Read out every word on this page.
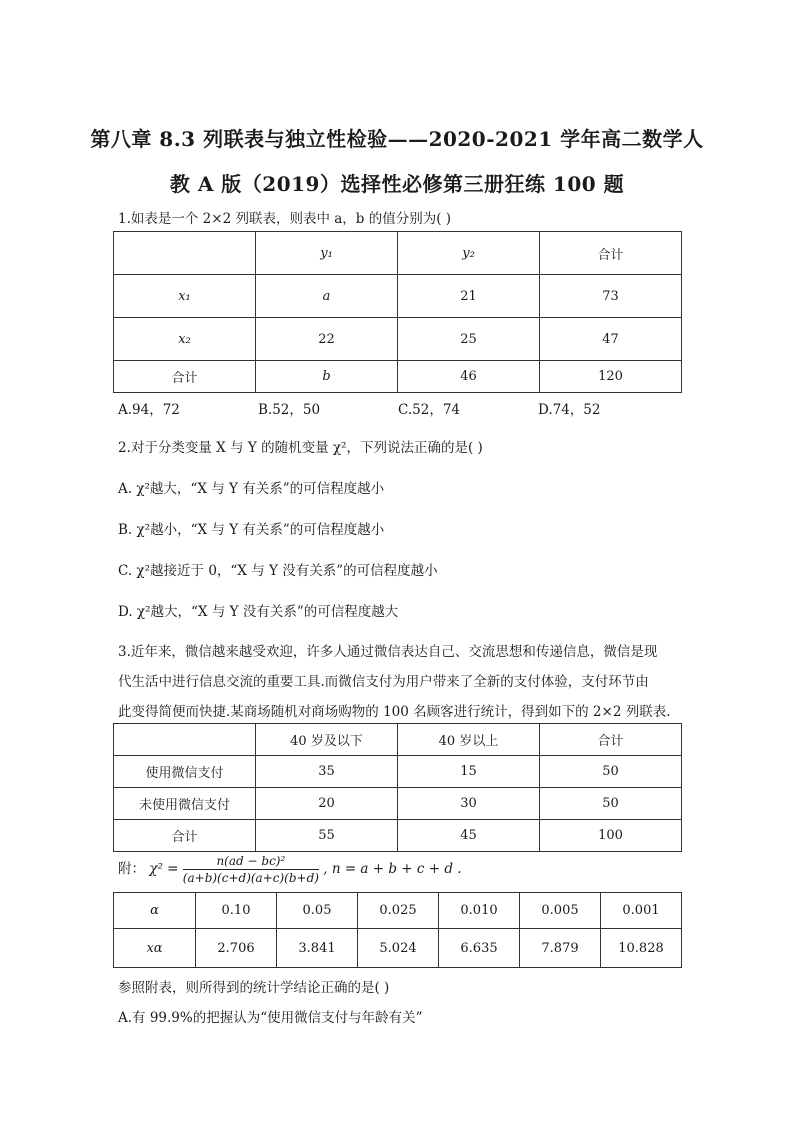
第八章 8.3 列联表与独立性检验——2020-2021 学年高二数学人
教 A 版（2019）选择性必修第三册狂练 100 题
1.如表是一个 2×2 列联表，则表中 a，b 的值分别为( )
	y₁	y₂	合计
x₁	a	21	73
x₂	22	25	47
合计	b	46	120
A.94，72	B.52，50	C.52，74	D.74，52
2.对于分类变量 X 与 Y 的随机变量 χ²，下列说法正确的是( )
A. χ²越大，“X 与 Y 有关系”的可信程度越小
B. χ²越小，“X 与 Y 有关系”的可信程度越小
C. χ²越接近于 0，“X 与 Y 没有关系”的可信程度越小
D. χ²越大，“X 与 Y 没有关系”的可信程度越大
3.近年来，微信越来越受欢迎，许多人通过微信表达自己、交流思想和传递信息，微信是现
代生活中进行信息交流的重要工具.而微信支付为用户带来了全新的支付体验，支付环节由
此变得简便而快捷.某商场随机对商场购物的 100 名顾客进行统计，得到如下的 2×2 列联表.
	40 岁及以下	40 岁以上	合计
使用微信支付	35	15	50
未使用微信支付	20	30	50
合计	55	45	100
附： $\chi^2 = \frac{\text{n(ad − bc)²}}{(a+b)(c+d)(a+c)(b+d)}$ , n = a + b + c + d .
α	0.10	0.05	0.025	0.010	0.005	0.001
xα	2.706	3.841	5.024	6.635	7.879	10.828
参照附表，则所得到的统计学结论正确的是( )
A.有 99.9%的把握认为“使用微信支付与年龄有关”
